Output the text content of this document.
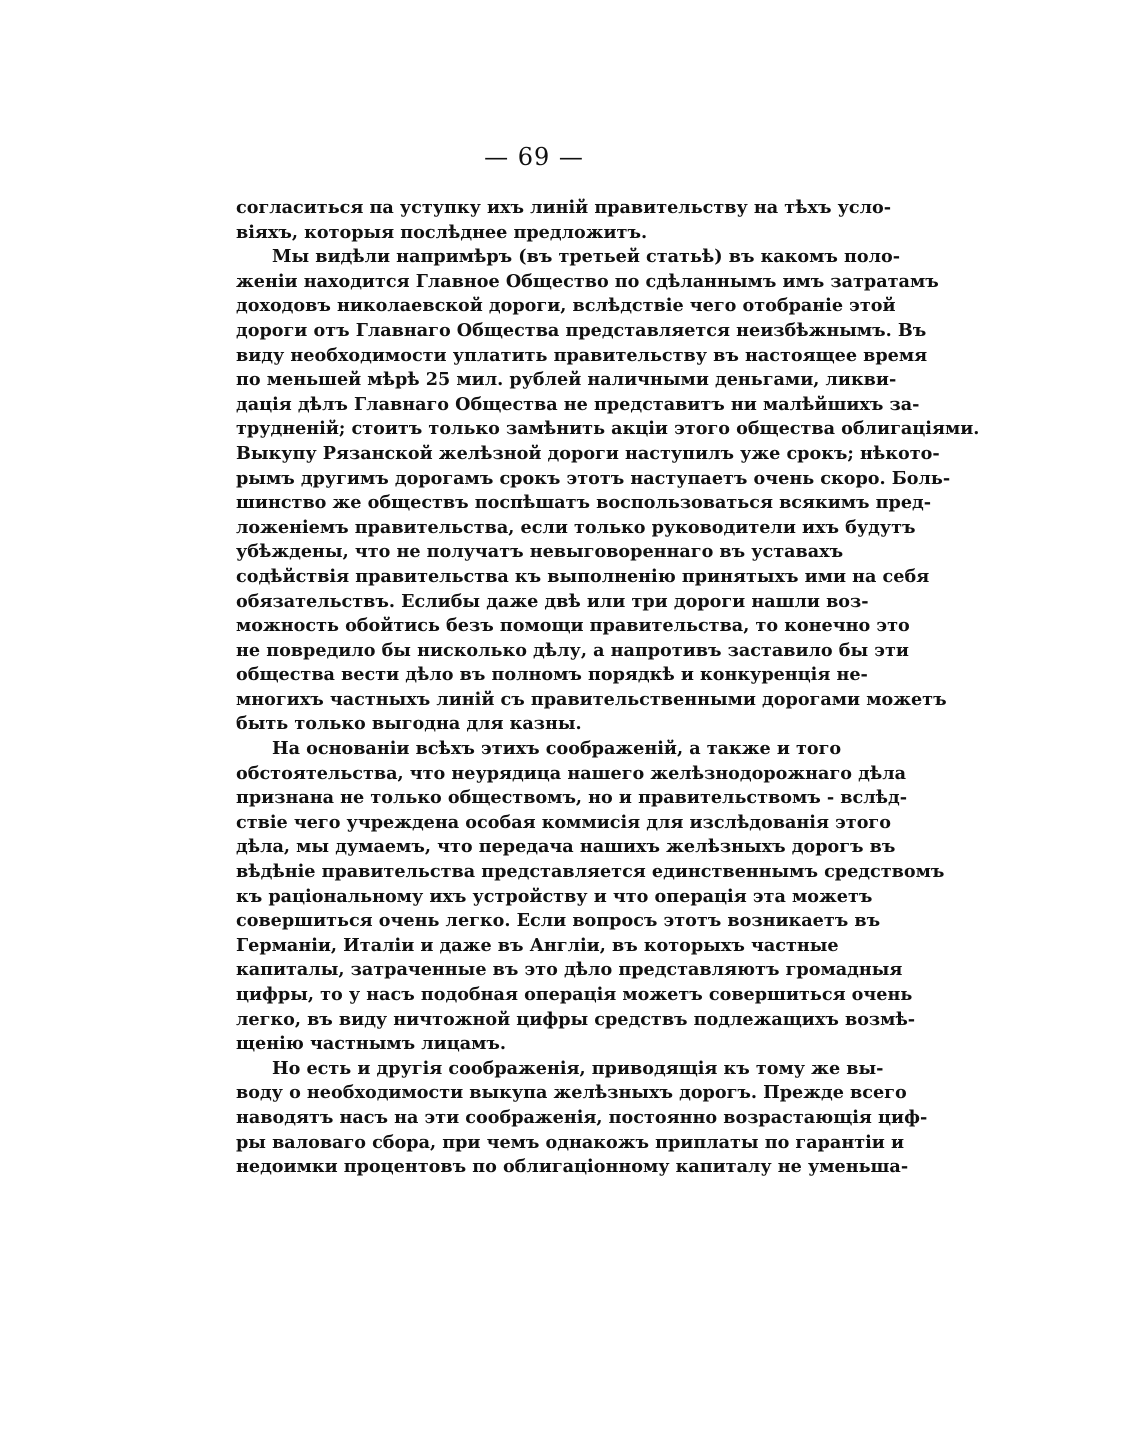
— 69 —
согласиться па уступку ихъ линій правительству на тѣхъ усло-
віяхъ, которыя послѣднее предложитъ.
Мы видѣли напримѣръ (въ третьей статьѣ) въ какомъ поло-
женіи находится Главное Общество по сдѣланнымъ имъ затратамъ
доходовъ николаевской дороги, вслѣдствіе чего отобраніе этой
дороги отъ Главнаго Общества представляется неизбѣжнымъ. Въ
виду необходимости уплатить правительству въ настоящее время
по меньшей мѣрѣ 25 мил. рублей наличными деньгами, ликви-
дація дѣлъ Главнаго Общества не представитъ ни малѣйшихъ за-
трудненій; стоитъ только замѣнить акціи этого общества облигаціями.
Выкупу Рязанской желѣзной дороги наступилъ уже срокъ; нѣкото-
рымъ другимъ дорогамъ срокъ этотъ наступаетъ очень скоро. Боль-
шинство же обществъ поспѣшатъ воспользоваться всякимъ пред-
ложеніемъ правительства, если только руководители ихъ будутъ
убѣждены, что не получатъ невыговореннаго въ уставахъ
содѣйствія правительства къ выполненію принятыхъ ими на себя
обязательствъ. Еслибы даже двѣ или три дороги нашли воз-
можность обойтись безъ помощи правительства, то конечно это
не повредило бы нисколько дѣлу, а напротивъ заставило бы эти
общества вести дѣло въ полномъ порядкѣ и конкуренція не-
многихъ частныхъ линій съ правительственными дорогами можетъ
быть только выгодна для казны.
На основаніи всѣхъ этихъ соображеній, а также и того
обстоятельства, что неурядица нашего желѣзнодорожнаго дѣла
признана не только обществомъ, но и правительствомъ - вслѣд-
ствіе чего учреждена особая коммисія для изслѣдованія этого
дѣла, мы думаемъ, что передача нашихъ желѣзныхъ дорогъ въ
вѣдѣніе правительства представляется единственнымъ средствомъ
къ раціональному ихъ устройству и что операція эта можетъ
совершиться очень легко. Если вопросъ этотъ возникаетъ въ
Германіи, Италіи и даже въ Англіи, въ которыхъ частные
капиталы, затраченные въ это дѣло представляютъ громадныя
цифры, то у насъ подобная операція можетъ совершиться очень
легко, въ виду ничтожной цифры средствъ подлежащихъ возмѣ-
щенію частнымъ лицамъ.
Но есть и другія соображенія, приводящія къ тому же вы-
воду о необходимости выкупа желѣзныхъ дорогъ. Прежде всего
наводятъ насъ на эти соображенія, постоянно возрастающія циф-
ры валоваго сбора, при чемъ однакожъ приплаты по гарантіи и
недоимки процентовъ по облигаціонному капиталу не уменьша-
